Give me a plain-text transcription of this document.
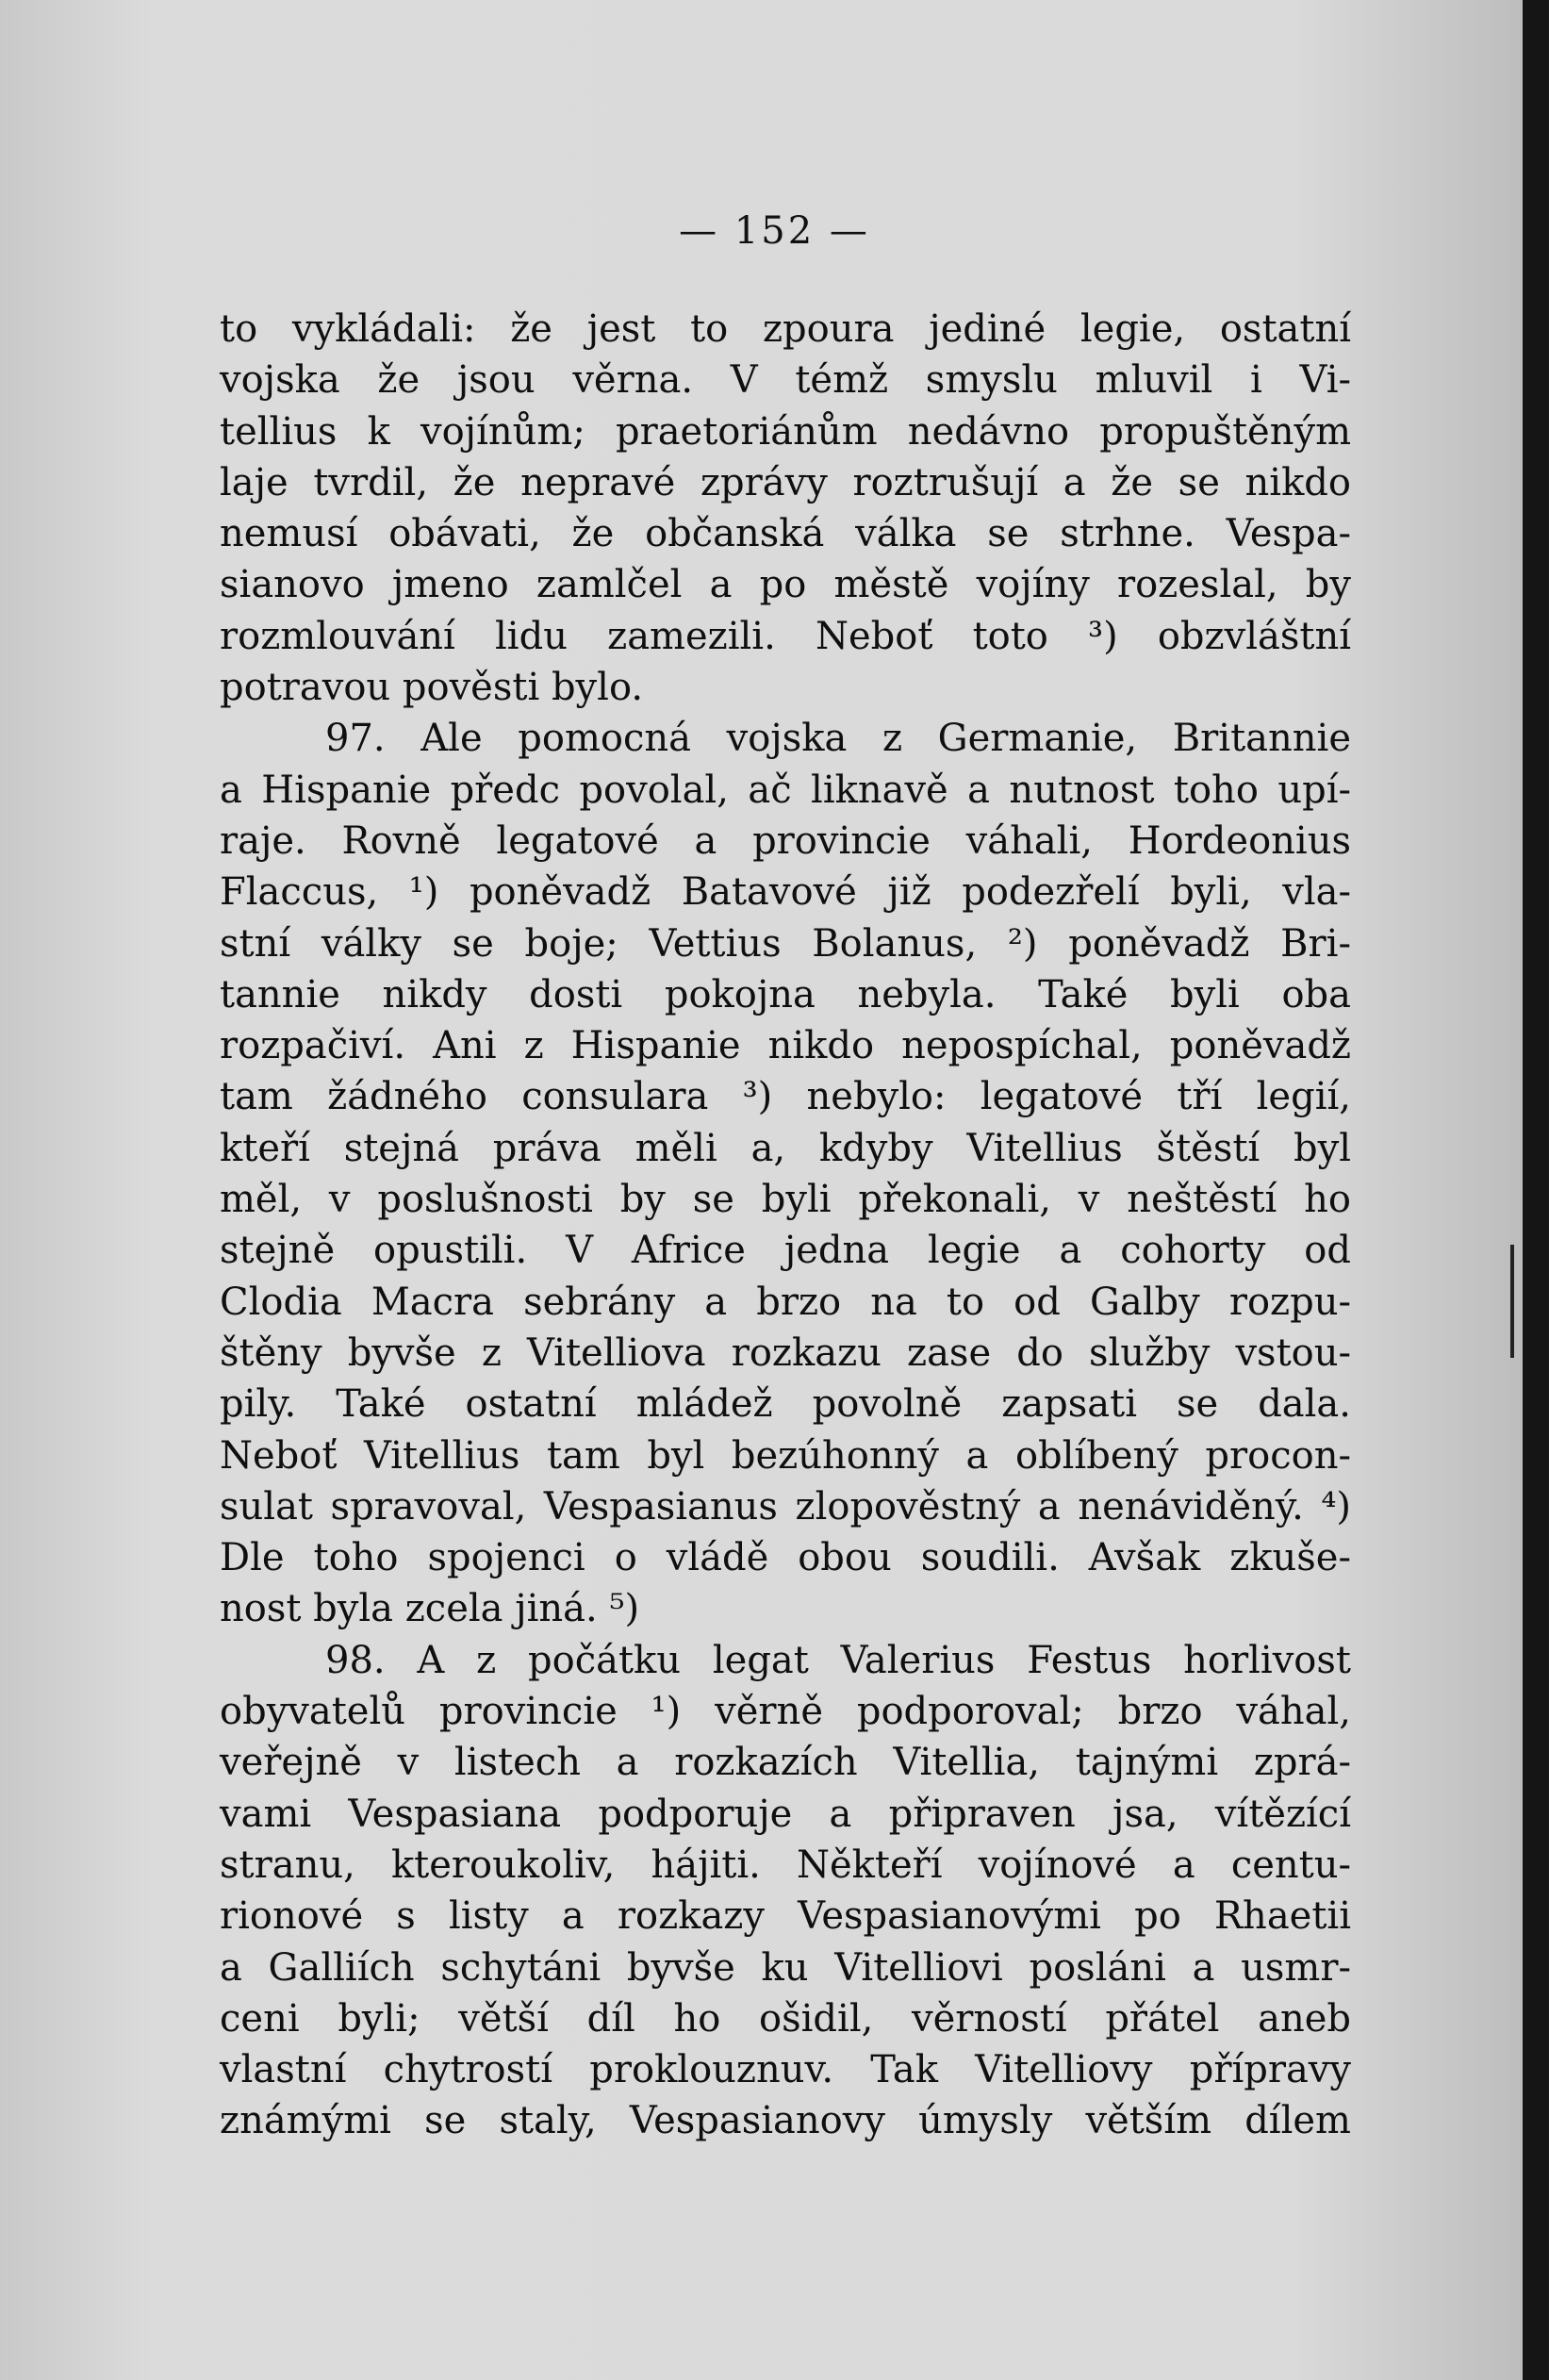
— 152 —
to vykládali: že jest to zpoura jediné legie, ostatní
vojska že jsou věrna. V témž smyslu mluvil i Vi-
tellius k vojínům; praetoriánům nedávno propuštěným
laje tvrdil, že nepravé zprávy roztrušují a že se nikdo
nemusí obávati, že občanská válka se strhne. Vespa-
sianovo jmeno zamlčel a po městě vojíny rozeslal, by
rozmlouvání lidu zamezili. Neboť toto ³) obzvláštní
potravou pověsti bylo.
97. Ale pomocná vojska z Germanie, Britannie
a Hispanie předc povolal, ač liknavě a nutnost toho upí-
raje. Rovně legatové a provincie váhali, Hordeonius
Flaccus, ¹) poněvadž Batavové již podezřelí byli, vla-
stní války se boje; Vettius Bolanus, ²) poněvadž Bri-
tannie nikdy dosti pokojna nebyla. Také byli oba
rozpačiví. Ani z Hispanie nikdo nepospíchal, poněvadž
tam žádného consulara ³) nebylo: legatové tří legií,
kteří stejná práva měli a, kdyby Vitellius štěstí byl
měl, v poslušnosti by se byli překonali, v neštěstí ho
stejně opustili. V Africe jedna legie a cohorty od
Clodia Macra sebrány a brzo na to od Galby rozpu-
štěny byvše z Vitelliova rozkazu zase do služby vstou-
pily. Také ostatní mládež povolně zapsati se dala.
Neboť Vitellius tam byl bezúhonný a oblíbený procon-
sulat spravoval, Vespasianus zlopověstný a nenáviděný. ⁴)
Dle toho spojenci o vládě obou soudili. Avšak zkuše-
nost byla zcela jiná. ⁵)
98. A z počátku legat Valerius Festus horlivost
obyvatelů provincie ¹) věrně podporoval; brzo váhal,
veřejně v listech a rozkazích Vitellia, tajnými zprá-
vami Vespasiana podporuje a připraven jsa, vítězící
stranu, kteroukoliv, hájiti. Někteří vojínové a centu-
rionové s listy a rozkazy Vespasianovými po Rhaetii
a Galliích schytáni byvše ku Vitelliovi posláni a usmr-
ceni byli; větší díl ho ošidil, věrností přátel aneb
vlastní chytrostí proklouznuv. Tak Vitelliovy přípravy
známými se staly, Vespasianovy úmysly větším dílem
